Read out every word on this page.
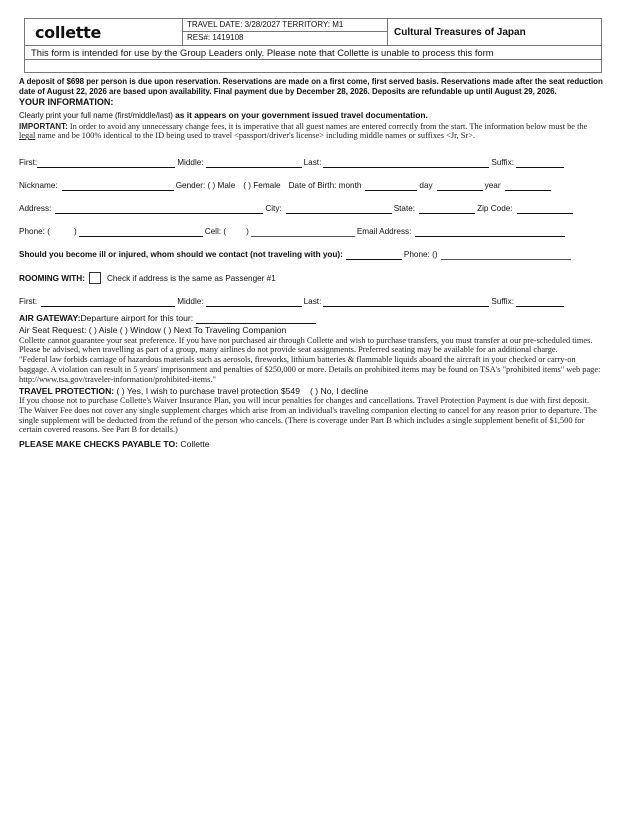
collette	TRAVEL DATE: 3/28/2027 TERRITORY: M1
RES#: 1419108	Cultural Treasures of Japan
This form is intended for use by the Group Leaders only. Please note that Collette is unable to process this form
A deposit of $698 per person is due upon reservation. Reservations are made on a first come, first served basis. Reservations made after the seat reduction date of August 22, 2026 are based upon availability. Final payment due by December 28, 2026. Deposits are refundable up until August 29, 2026.
YOUR INFORMATION:
Clearly print your full name (first/middle/last) as it appears on your government issued travel documentation.
IMPORTANT: In order to avoid any unnecessary change fees, it is imperative that all guest names are entered correctly from the start. The information below must be the legal name and be 100% identical to the ID being used to travel <passport/driver's license> including middle names or suffixes <Jr, Sr>.
First:	Middle:	Last:	Suffix:
Nickname:	Gender: ( ) Male ( ) Female Date of Birth: month	day	year
Address:	City:	State:	Zip Code:
Phone: (	)	Cell: ( )	Email Address:
Should you become ill or injured, whom should we contact (not traveling with you):	Phone: ()
ROOMING WITH:	Check if address is the same as Passenger #1
First:	Middle:	Last:	Suffix:
AIR GATEWAY: Departure airport for this tour:
Air Seat Request: ( ) Aisle ( ) Window ( ) Next To Traveling Companion
Collette cannot guarantee your seat preference. If you have not purchased air through Collette and wish to purchase transfers, you must transfer at our pre-scheduled times.
Please be advised, when travelling as part of a group, many airlines do not provide seat assignments. Preferred seating may be available for an additional charge.
"Federal law forbids carriage of hazardous materials such as aerosols, fireworks, lithium batteries & flammable liquids aboard the aircraft in your checked or carry-on baggage. A violation can result in 5 years' imprisonment and penalties of $250,000 or more. Details on prohibited items may be found on TSA's "prohibited items" web page: http://www.tsa.gov/traveler-information/prohibited-items."
TRAVEL PROTECTION: ( ) Yes, I wish to purchase travel protection $549 ( ) No, I decline
If you choose not to purchase Collette's Waiver Insurance Plan, you will incur penalties for changes and cancellations. Travel Protection Payment is due with first deposit. The Waiver Fee does not cover any single supplement charges which arise from an individual's traveling companion electing to cancel for any reason prior to departure. The single supplement will be deducted from the refund of the person who cancels. (There is coverage under Part B which includes a single supplement benefit of $1,500 for certain covered reasons. See Part B for details.)
PLEASE MAKE CHECKS PAYABLE TO: Collette
